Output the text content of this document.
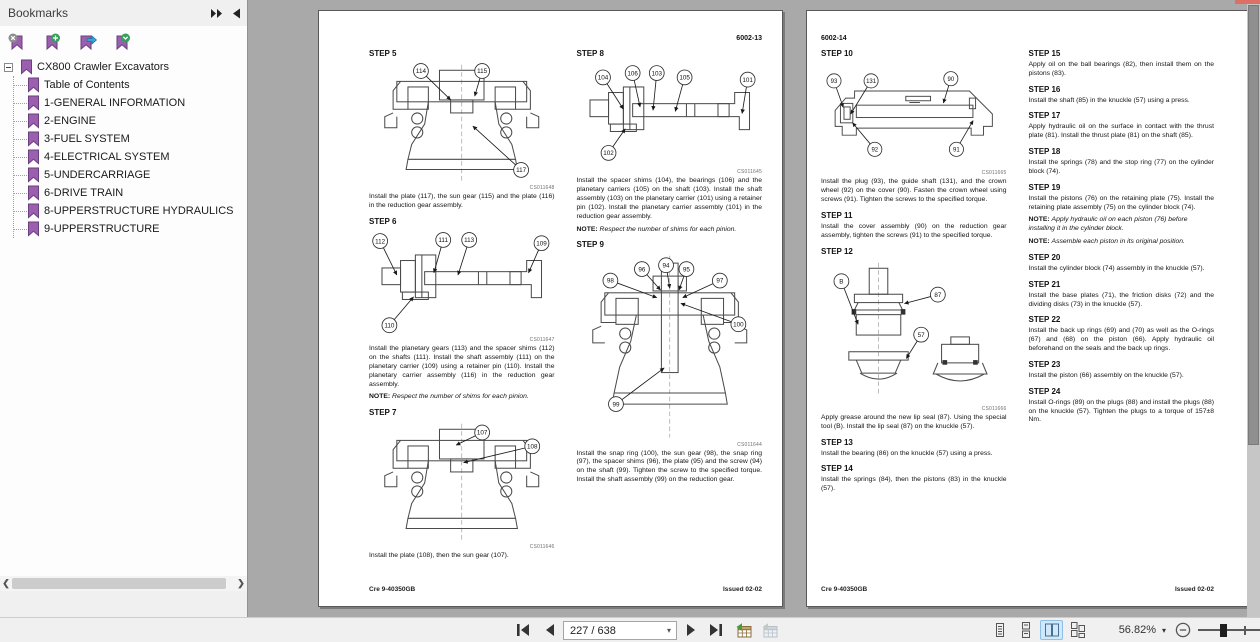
Bookmarks
CX800 Crawler Excavators
Table of Contents
1-GENERAL INFORMATION
2-ENGINE
3-FUEL SYSTEM
4-ELECTRICAL SYSTEM
5-UNDERCARRIAGE
6-DRIVE TRAIN
8-UPPERSTRUCTURE HYDRAULICS
9-UPPERSTRUCTURE
❮	❯
6002-13
STEP 5
114	115
117
CS011648

Install the plate (117), the sun gear (115) and the plate (116) in the reduction gear assembly.

STEP 6
112	111 113	109
110
CS011647

Install the planetary gears (113) and the spacer shims (112) on the shafts (111). Install the shaft assembly (111) on the planetary carrier (109) using a retainer pin (110). Install the planetary carrier assembly (116) in the reduction gear assembly.

NOTE: Respect the number of shims for each pinion.

STEP 7
107
108
CS011646

Install the plate (108), then the sun gear (107).

STEP 8
104
106 103
105	101
102
CS011645

Install the spacer shims (104), the bearings (106) and the planetary carriers (105) on the shaft (103). Install the shaft assembly (103) on the planetary carrier (101) using a retainer pin (102). Install the planetary carrier assembly (101) in the reduction gear assembly.

NOTE: Respect the number of shims for each pinion.

STEP 9
96
94
95
98	97
100
99
CS011644

Install the snap ring (100), the sun gear (98), the snap ring (97), the spacer shims (96), the plate (95) and the screw (94) on the shaft (99). Tighten the screw to the specified torque. Install the shaft assembly (99) on the reduction gear.

Cre 9-40350GB	Issued 02-02
6002-14
STEP 10
93	131	90
92	91
CS011665

Install the plug (93), the guide shaft (131), and the crown wheel (92) on the cover (90). Fasten the crown wheel using screws (91). Tighten the screws to the specified torque.

STEP 11

Install the cover assembly (90) on the reduction gear assembly, tighten the screws (91) to the specified torque.

STEP 12
B
87
57
CS011666

Apply grease around the new lip seal (87). Using the special tool (B). Install the lip seal (87) on the knuckle (57).

STEP 13

Install the bearing (86) on the knuckle (57) using a press.

STEP 14

Install the springs (84), then the pistons (83) in the knuckle (57).

STEP 15

Apply oil on the ball bearings (82), then install them on the pistons (83).

STEP 16

Install the shaft (85) in the knuckle (57) using a press.

STEP 17

Apply hydraulic oil on the surface in contact with the thrust plate (81). Install the thrust plate (81) on the shaft (85).

STEP 18

Install the springs (78) and the stop ring (77) on the cylinder block (74).

STEP 19

Install the pistons (76) on the retaining plate (75). Install the retaining plate assembly (75) on the cylinder block (74).

NOTE: Apply hydraulic oil on each piston (76) before installing it in the cylinder block.

NOTE: Assemble each piston in its original position.

STEP 20

Install the cylinder block (74) assembly in the knuckle (57).

STEP 21

Install the base plates (71), the friction disks (72) and the dividing disks (73) in the knuckle (57).

STEP 22

Install the back up rings (69) and (70) as well as the O-rings (67) and (68) on the piston (66). Apply hydraulic oil beforehand on the seals and the back up rings.

STEP 23

Install the piston (66) assembly on the knuckle (57).

STEP 24

Install O-rings (89) on the plugs (88) and install the plugs (88) on the knuckle (57). Tighten the plugs to a torque of 157±8 Nm.

Cre 9-40350GB	Issued 02-02
227 / 638
▾	56.82% ▾
